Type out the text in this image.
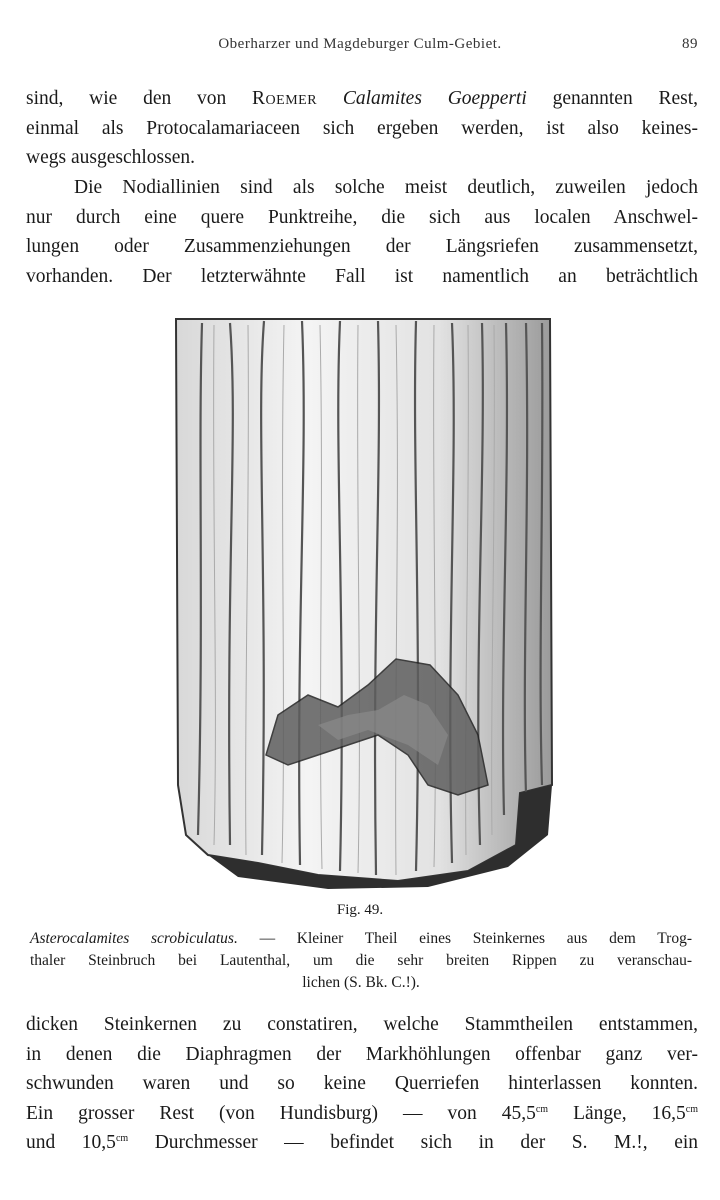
Oberharzer und Magdeburger Culm-Gebiet.	89

sind, wie den von Roemer Calamites Goepperti genannten Rest,
einmal als Protocalamariaceen sich ergeben werden, ist also keines-
wegs ausgeschlossen.

Die Nodiallinien sind als solche meist deutlich, zuweilen jedoch
nur durch eine quere Punktreihe, die sich aus localen Anschwel-
lungen oder Zusammenziehungen der Längsriefen zusammensetzt,
vorhanden. Der letzterwähnte Fall ist namentlich an beträchtlich

Fig. 49.
Asterocalamites scrobiculatus. — Kleiner Theil eines Steinkernes aus dem Trog-
thaler Steinbruch bei Lautenthal, um die sehr breiten Rippen zu veranschau-
lichen (S. Bk. C.!).

dicken Steinkernen zu constatiren, welche Stammtheilen entstammen,
in denen die Diaphragmen der Markhöhlungen offenbar ganz ver-
schwunden waren und so keine Querriefen hinterlassen konnten.
Ein grosser Rest (von Hundisburg) — von $45,5^{cm}$ Länge, $16,5^{cm}$
und $10,5^{cm}$ Durchmesser — befindet sich in der S. M.!, ein
